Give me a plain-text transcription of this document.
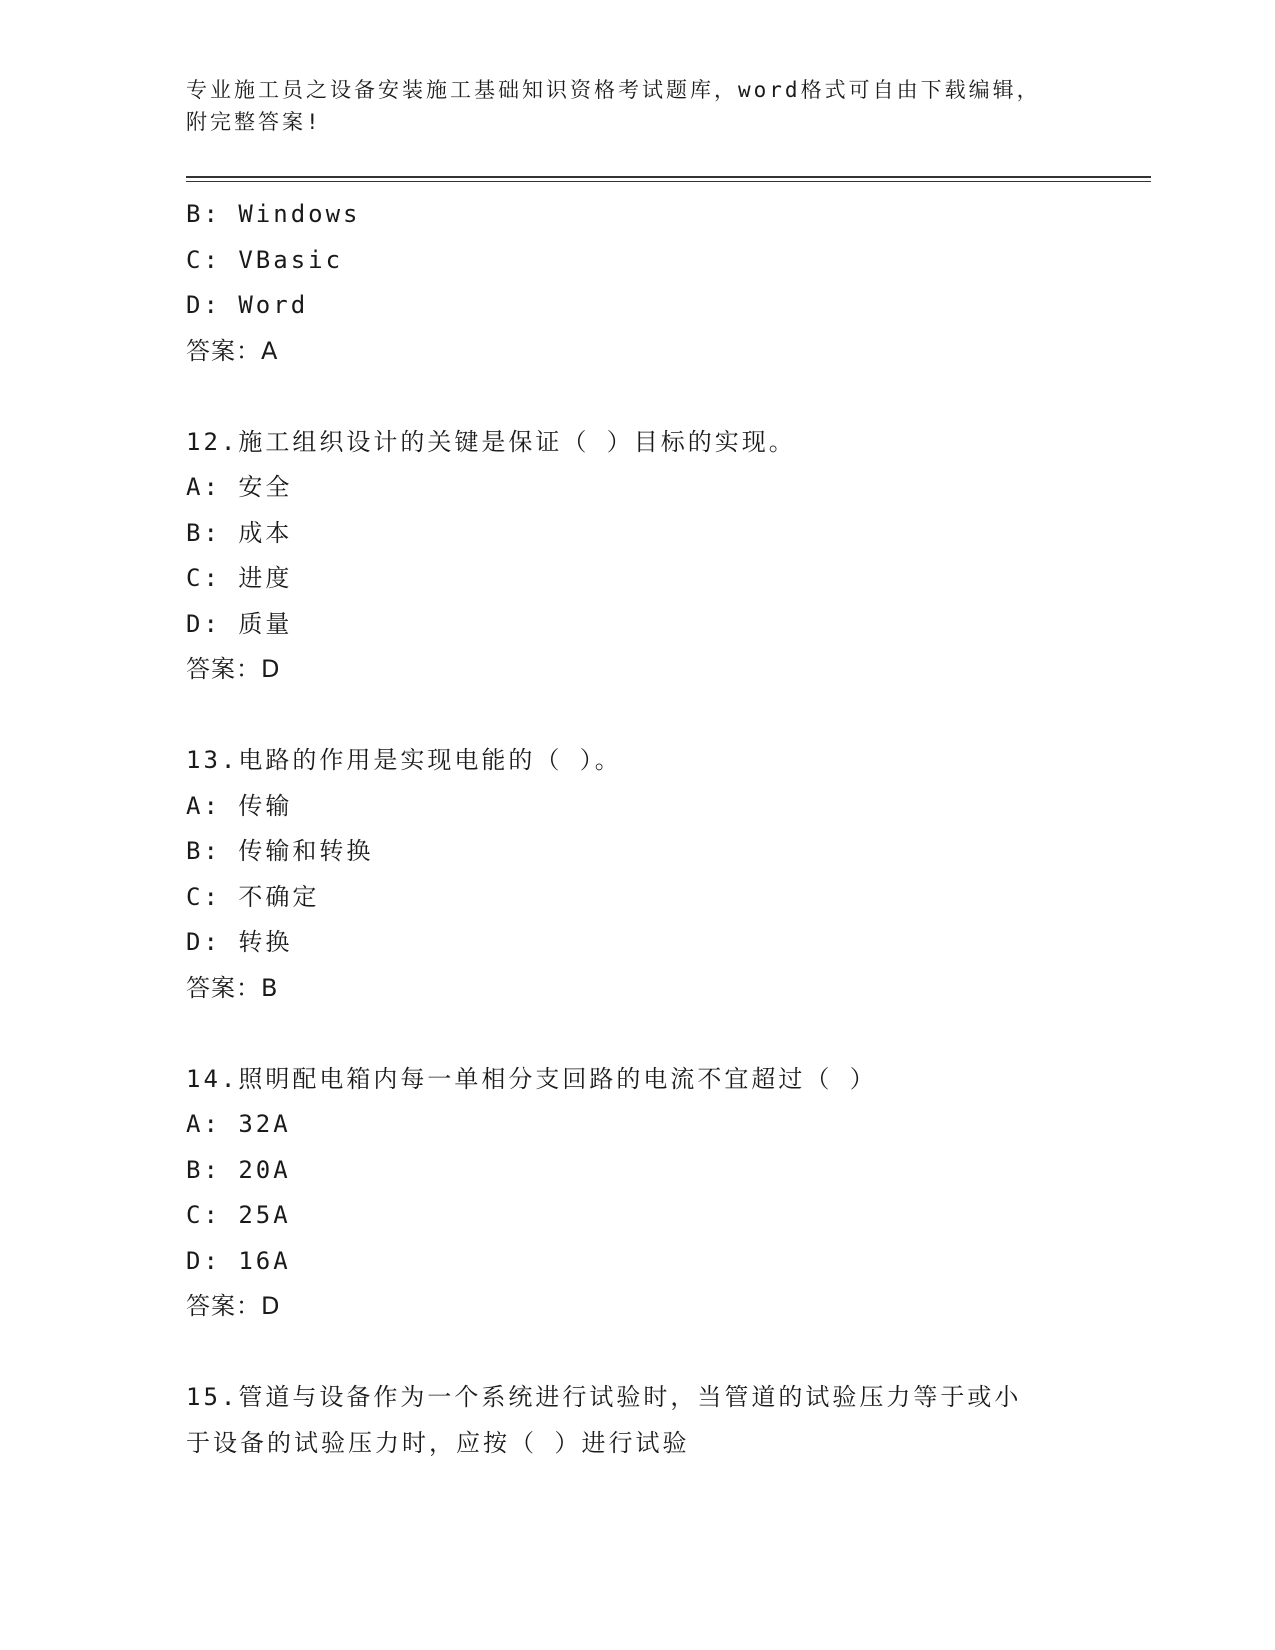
专业施工员之设备安装施工基础知识资格考试题库，word格式可自由下载编辑，
附完整答案!
B: Windows
C: VBasic
D: Word
答案：A
12.施工组织设计的关键是保证（ ）目标的实现。
A: 安全
B: 成本
C: 进度
D: 质量
答案：D
13.电路的作用是实现电能的（ ）。
A: 传输
B: 传输和转换
C: 不确定
D: 转换
答案：B
14.照明配电箱内每一单相分支回路的电流不宜超过（ ）
A: 32A
B: 20A
C: 25A
D: 16A
答案：D
15.管道与设备作为一个系统进行试验时，当管道的试验压力等于或小
于设备的试验压力时，应按（ ）进行试验
